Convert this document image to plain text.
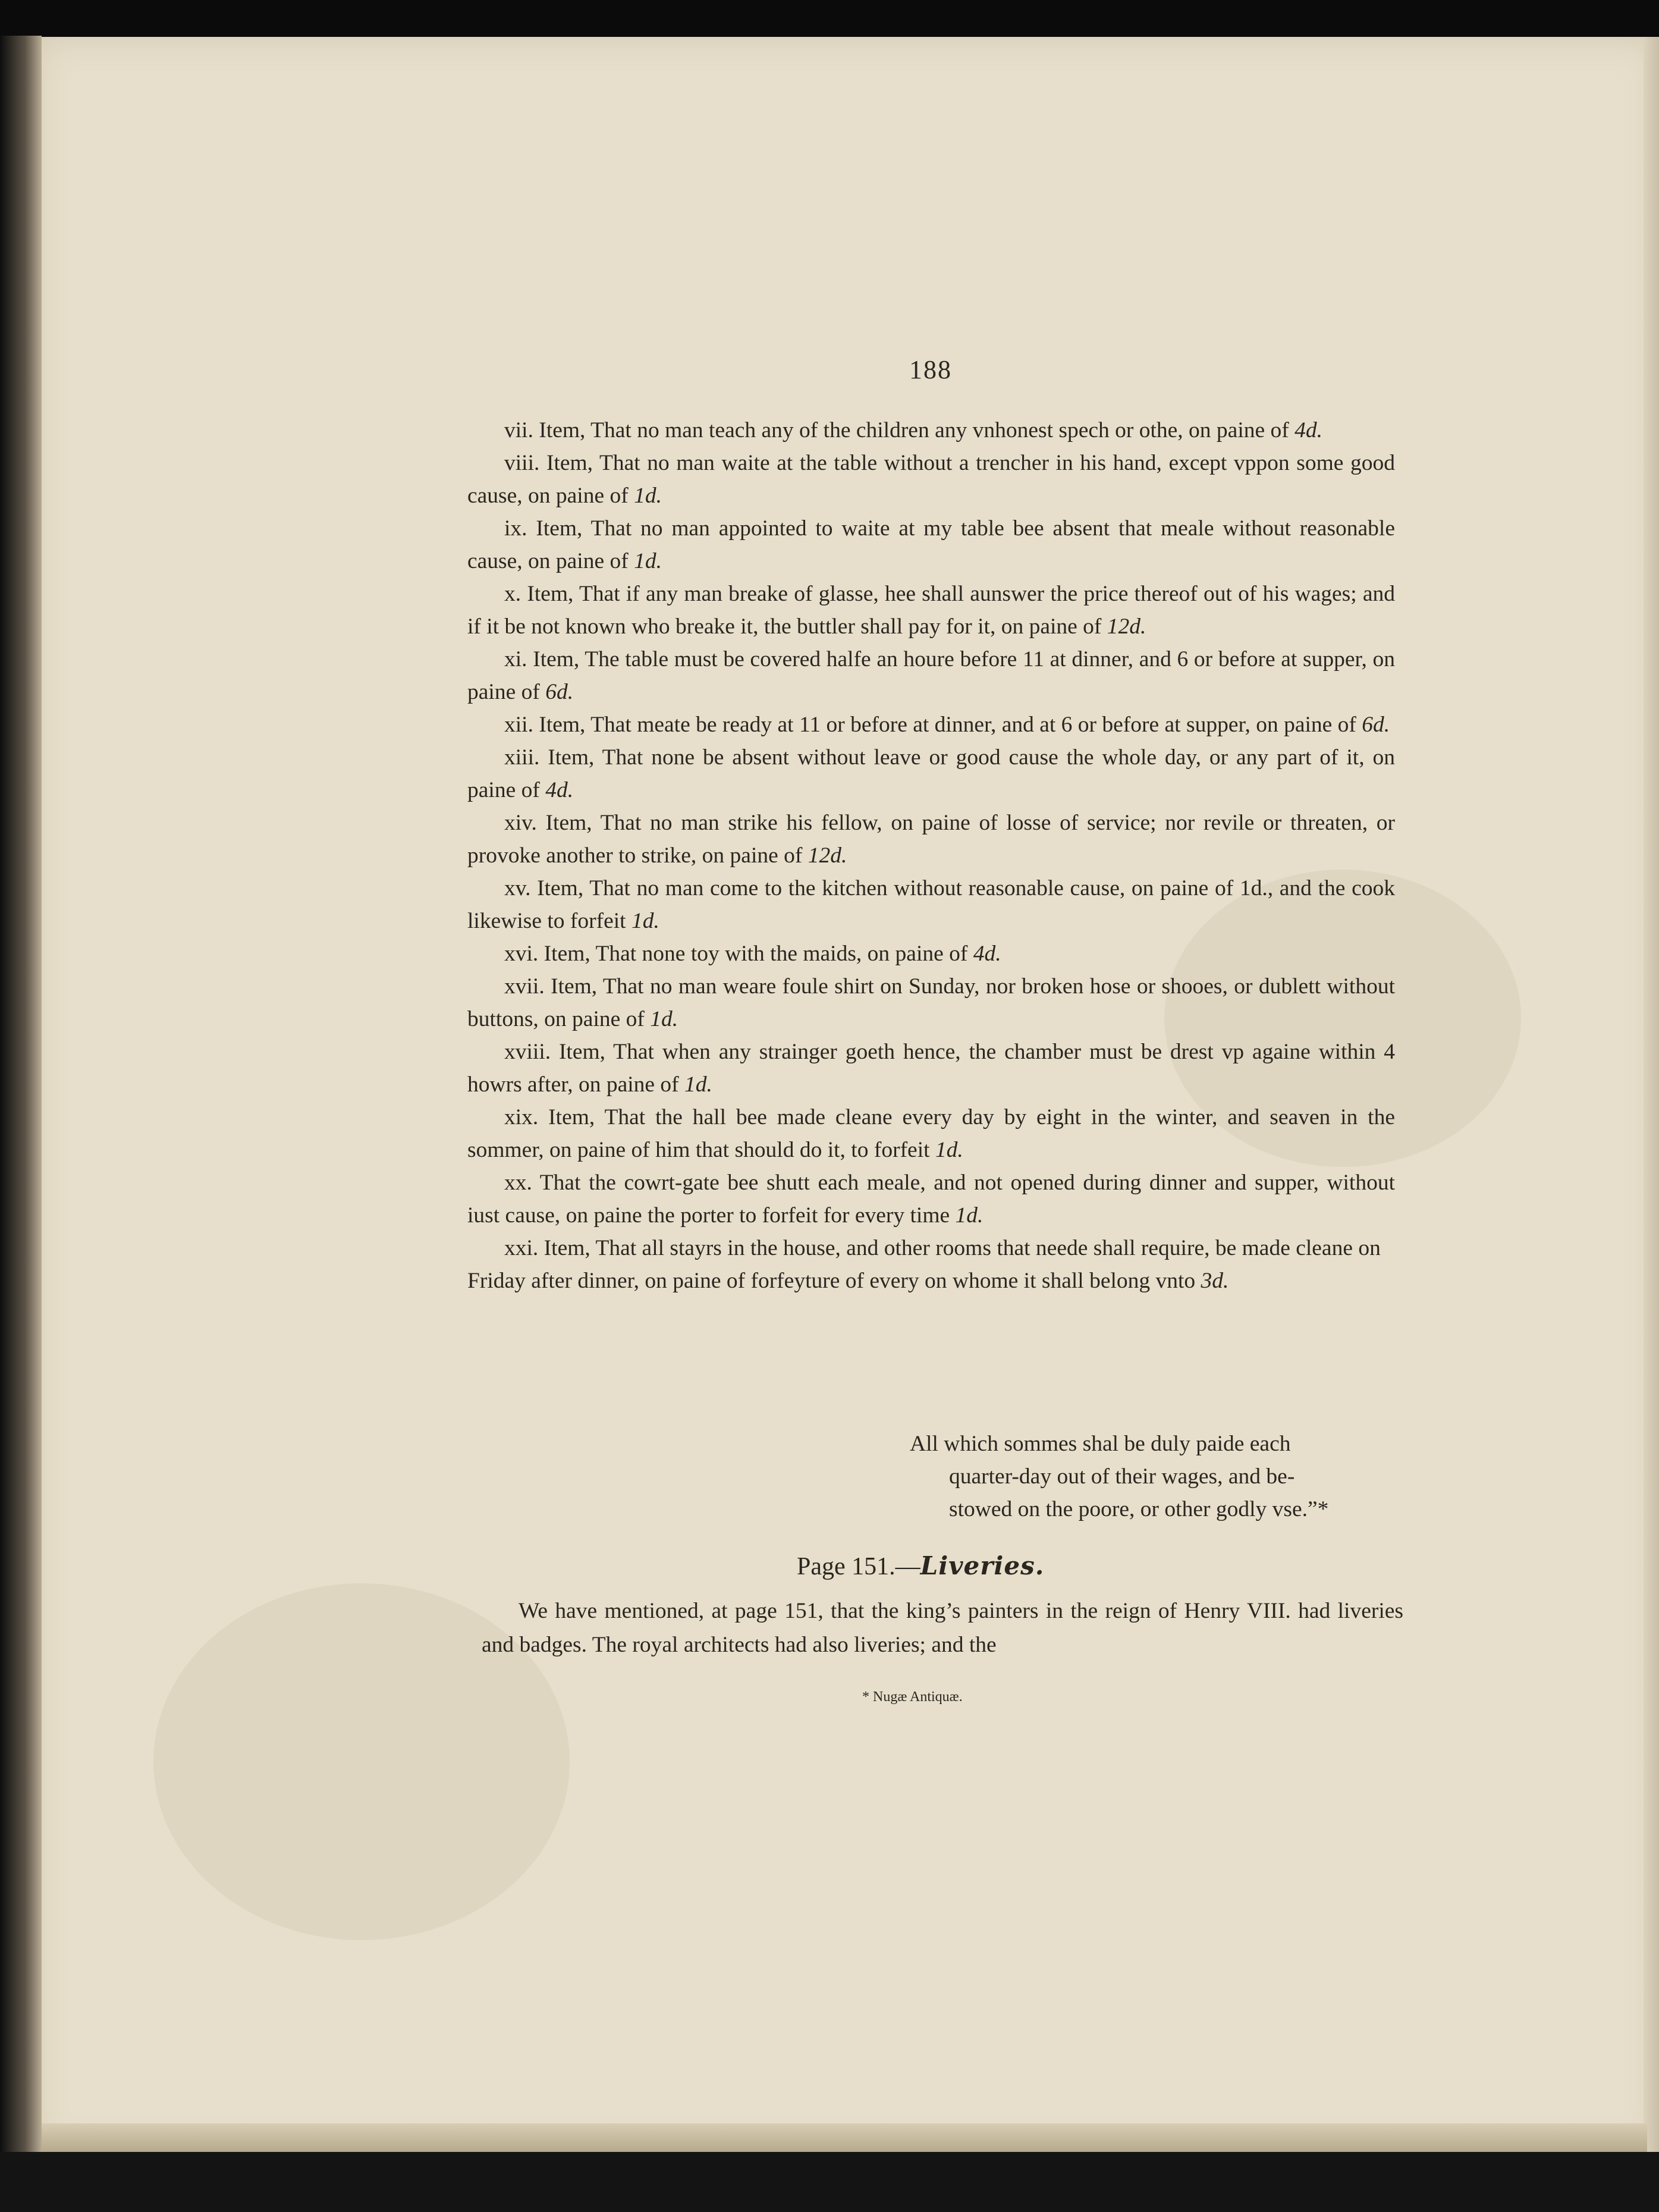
188

vii. Item, That no man teach any of the children any vnhonest spech or othe, on paine of 4d.

viii. Item, That no man waite at the table without a trencher in his hand, except vppon some good cause, on paine of 1d.

ix. Item, That no man appointed to waite at my table bee absent that meale without reasonable cause, on paine of 1d.

x. Item, That if any man breake of glasse, hee shall aunswer the price thereof out of his wages; and if it be not known who breake it, the buttler shall pay for it, on paine of 12d.

xi. Item, The table must be covered halfe an houre before 11 at dinner, and 6 or before at supper, on paine of 6d.

xii. Item, That meate be ready at 11 or before at dinner, and at 6 or before at supper, on paine of 6d.

xiii. Item, That none be absent without leave or good cause the whole day, or any part of it, on paine of 4d.

xiv. Item, That no man strike his fellow, on paine of losse of service; nor revile or threaten, or provoke another to strike, on paine of 12d.

xv. Item, That no man come to the kitchen without reasonable cause, on paine of 1d., and the cook likewise to forfeit 1d.

xvi. Item, That none toy with the maids, on paine of 4d.

xvii. Item, That no man weare foule shirt on Sunday, nor broken hose or shooes, or dublett without buttons, on paine of 1d.

xviii. Item, That when any strainger goeth hence, the chamber must be drest vp againe within 4 howrs after, on paine of 1d.

xix. Item, That the hall bee made cleane every day by eight in the winter, and seaven in the sommer, on paine of him that should do it, to forfeit 1d.

xx. That the cowrt-gate bee shutt each meale, and not opened during dinner and supper, without iust cause, on paine the porter to forfeit for every time 1d.

xxi. Item, That all stayrs in the house, and other rooms that neede shall require, be made cleane on Friday after dinner, on paine of forfeyture of every on whome it shall belong vnto 3d.

All which sommes shal be duly paide each

quarter-day out of their wages, and be-

stowed on the poore, or other godly vse.”*

Page 151.—Liveries.

We have mentioned, at page 151, that the king’s painters in the reign of Henry VIII. had liveries and badges. The royal architects had also liveries; and the

* Nugæ Antiquæ.
